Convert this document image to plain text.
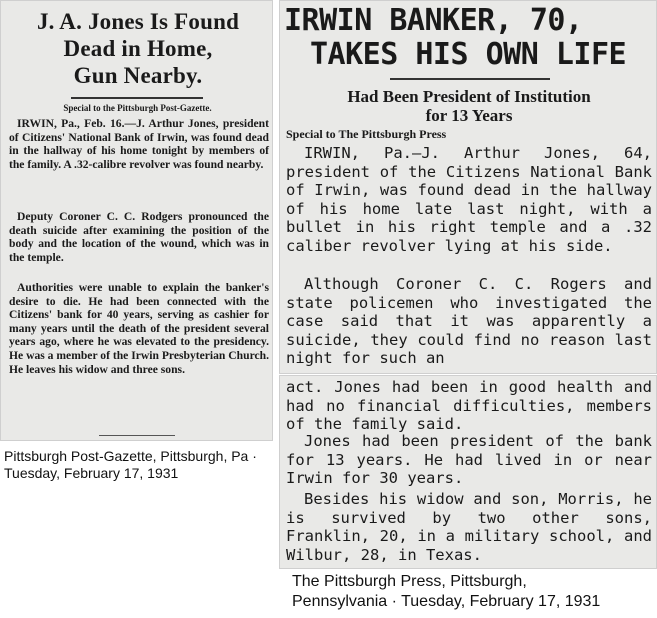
J. A. Jones Is Found
Dead in Home,
Gun Nearby.
Special to the Pittsburgh Post-Gazette.

IRWIN, Pa., Feb. 16.—J. Arthur Jones, president of Citizens' National Bank of Irwin, was found dead in the hallway of his home tonight by members of the family. A .32-calibre revolver was found nearby.

Deputy Coroner C. C. Rodgers pronounced the death suicide after examining the position of the body and the location of the wound, which was in the temple.

Authorities were unable to explain the banker's desire to die. He had been connected with the Citizens' bank for 40 years, serving as cashier for many years until the death of the president several years ago, where he was elevated to the presidency. He was a member of the Irwin Presbyterian Church. He leaves his widow and three sons.

Pittsburgh Post-Gazette, Pittsburgh, Pa · Tuesday, February 17, 1931
IRWIN BANKER, 70,
TAKES HIS OWN LIFE
Had Been President of Institution
for 13 Years
Special to The Pittsburgh Press

IRWIN, Pa.—J. Arthur Jones, 64, president of the Citizens National Bank of Irwin, was found dead in the hallway of his home late last night, with a bullet in his right temple and a .32 caliber revolver lying at his side.

Although Coroner C. C. Rogers and state policemen who investigated the case said that it was apparently a suicide, they could find no reason last night for such an

act. Jones had been in good health and had no financial difficulties, members of the family said.

Jones had been president of the bank for 13 years. He had lived in or near Irwin for 30 years.

Besides his widow and son, Morris, he is survived by two other sons, Franklin, 20, in a military school, and Wilbur, 28, in Texas.

The Pittsburgh Press, Pittsburgh,
Pennsylvania · Tuesday, February 17, 1931
